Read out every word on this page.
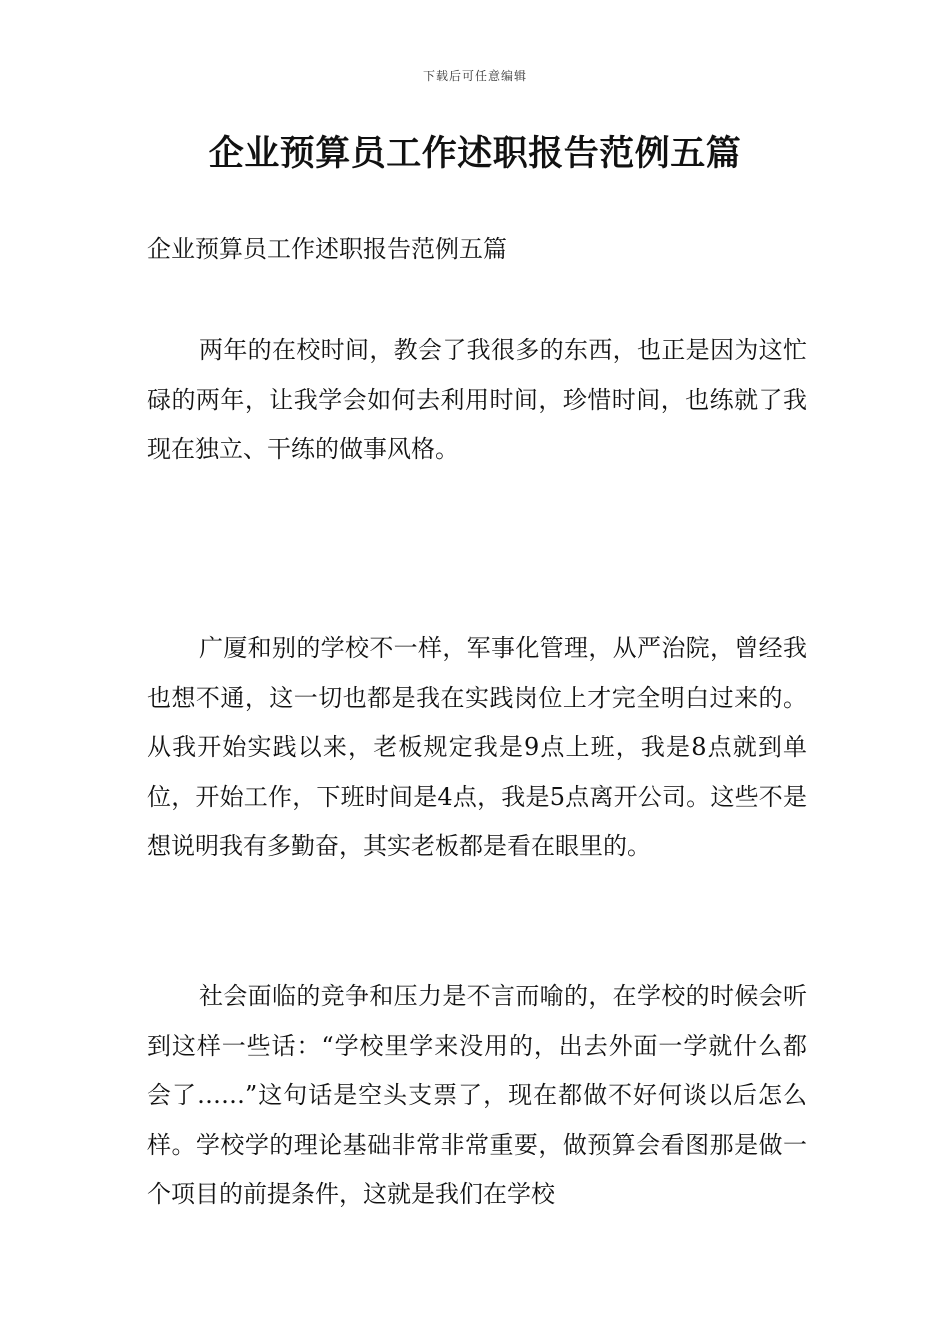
下载后可任意编辑
企业预算员工作述职报告范例五篇

企业预算员工作述职报告范例五篇

两年的在校时间，教会了我很多的东西，也正是因为这忙碌的两年，让我学会如何去利用时间，珍惜时间，也练就了我现在独立、干练的做事风格。

广厦和别的学校不一样，军事化管理，从严治院，曾经我也想不通，这一切也都是我在实践岗位上才完全明白过来的。从我开始实践以来，老板规定我是9点上班，我是8点就到单位，开始工作，下班时间是4点，我是5点离开公司。这些不是想说明我有多勤奋，其实老板都是看在眼里的。

社会面临的竞争和压力是不言而喻的，在学校的时候会听到这样一些话：“学校里学来没用的，出去外面一学就什么都会了……”这句话是空头支票了，现在都做不好何谈以后怎么样。学校学的理论基础非常非常重要，做预算会看图那是做一个项目的前提条件，这就是我们在学校
